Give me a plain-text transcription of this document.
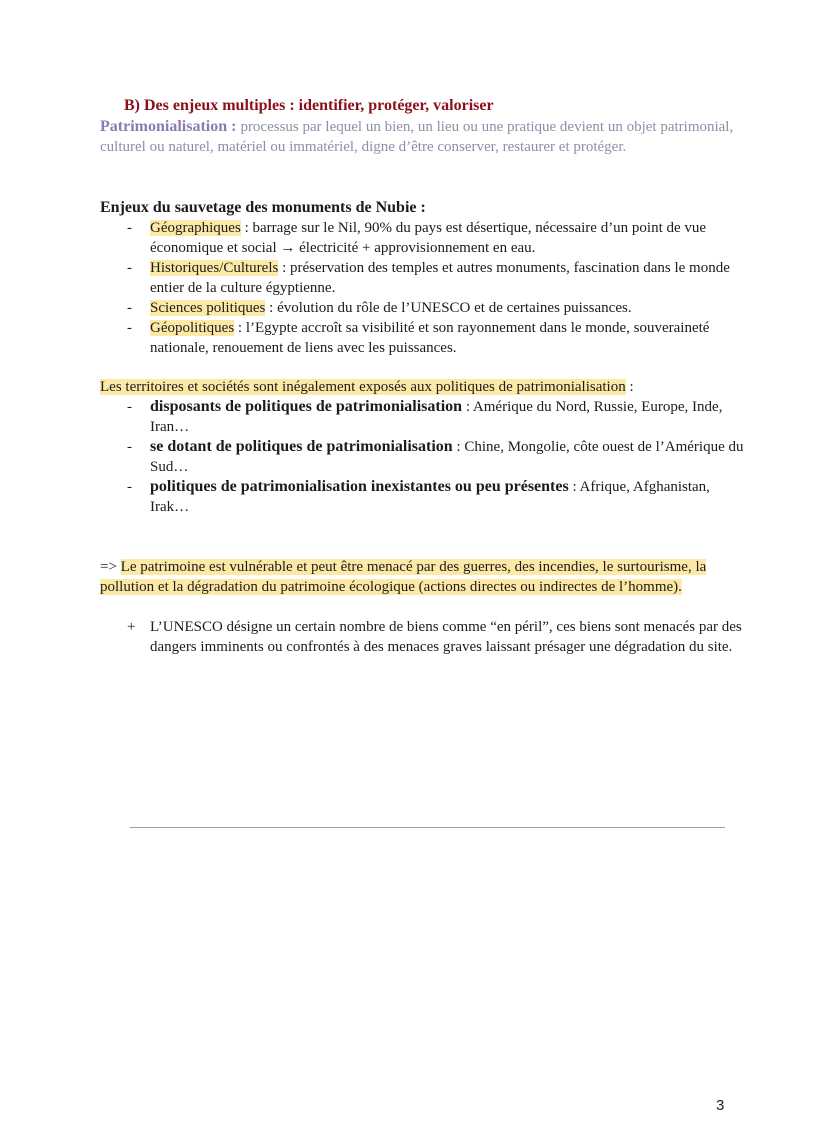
B) Des enjeux multiples : identifier, protéger, valoriser
Patrimonialisation : processus par lequel un bien, un lieu ou une pratique devient un objet patrimonial, culturel ou naturel, matériel ou immatériel, digne d’être conserver, restaurer et protéger.
Enjeux du sauvetage des monuments de Nubie :
- Géographiques : barrage sur le Nil, 90% du pays est désertique, nécessaire d’un point de vue économique et social → électricité + approvisionnement en eau.
- Historiques/Culturels : préservation des temples et autres monuments, fascination dans le monde entier de la culture égyptienne.
- Sciences politiques : évolution du rôle de l’UNESCO et de certaines puissances.
- Géopolitiques : l’Egypte accroît sa visibilité et son rayonnement dans le monde, souveraineté nationale, renouement de liens avec les puissances.
Les territoires et sociétés sont inégalement exposés aux politiques de patrimonialisation :
- disposants de politiques de patrimonialisation : Amérique du Nord, Russie, Europe, Inde, Iran…
- se dotant de politiques de patrimonialisation : Chine, Mongolie, côte ouest de l’Amérique du Sud…
- politiques de patrimonialisation inexistantes ou peu présentes : Afrique, Afghanistan, Irak…
=> Le patrimoine est vulnérable et peut être menacé par des guerres, des incendies, le surtourisme, la pollution et la dégradation du patrimoine écologique (actions directes ou indirectes de l’homme).
+ L’UNESCO désigne un certain nombre de biens comme “en péril”, ces biens sont menacés par des dangers imminents ou confrontés à des menaces graves laissant présager une dégradation du site.
3
